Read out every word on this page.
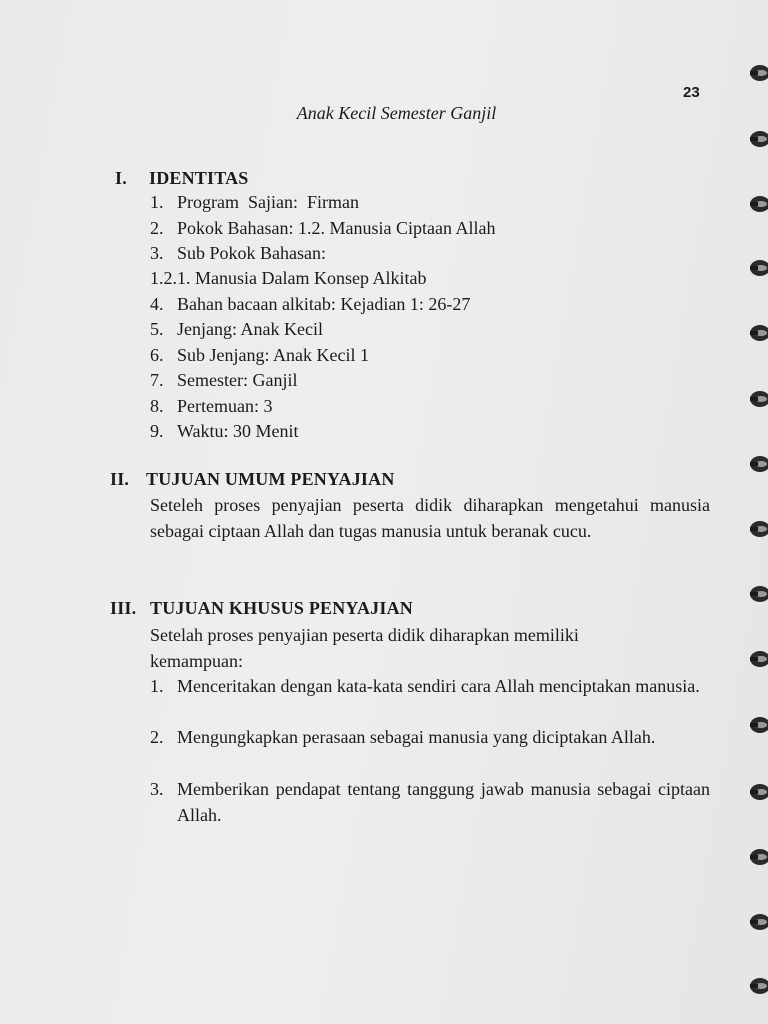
23
Anak Kecil Semester Ganjil
I. IDENTITAS
1. Program  Sajian:  Firman
2. Pokok Bahasan: 1.2. Manusia Ciptaan Allah
3. Sub Pokok Bahasan:
1.2.1. Manusia Dalam Konsep Alkitab
4. Bahan bacaan alkitab: Kejadian 1: 26-27
5. Jenjang: Anak Kecil
6. Sub Jenjang: Anak Kecil 1
7. Semester: Ganjil
8. Pertemuan: 3
9. Waktu: 30 Menit
II. TUJUAN UMUM PENYAJIAN
Seteleh proses penyajian peserta didik diharapkan mengetahui manusia sebagai ciptaan Allah dan tugas manusia untuk beranak cucu.
III. TUJUAN KHUSUS PENYAJIAN
Setelah proses penyajian peserta didik diharapkan memiliki
kemampuan:
1. Menceritakan dengan kata-kata sendiri cara Allah menciptakan manusia.
2. Mengungkapkan perasaan sebagai manusia yang diciptakan Allah.
3. Memberikan pendapat tentang tanggung jawab manusia sebagai ciptaan Allah.
